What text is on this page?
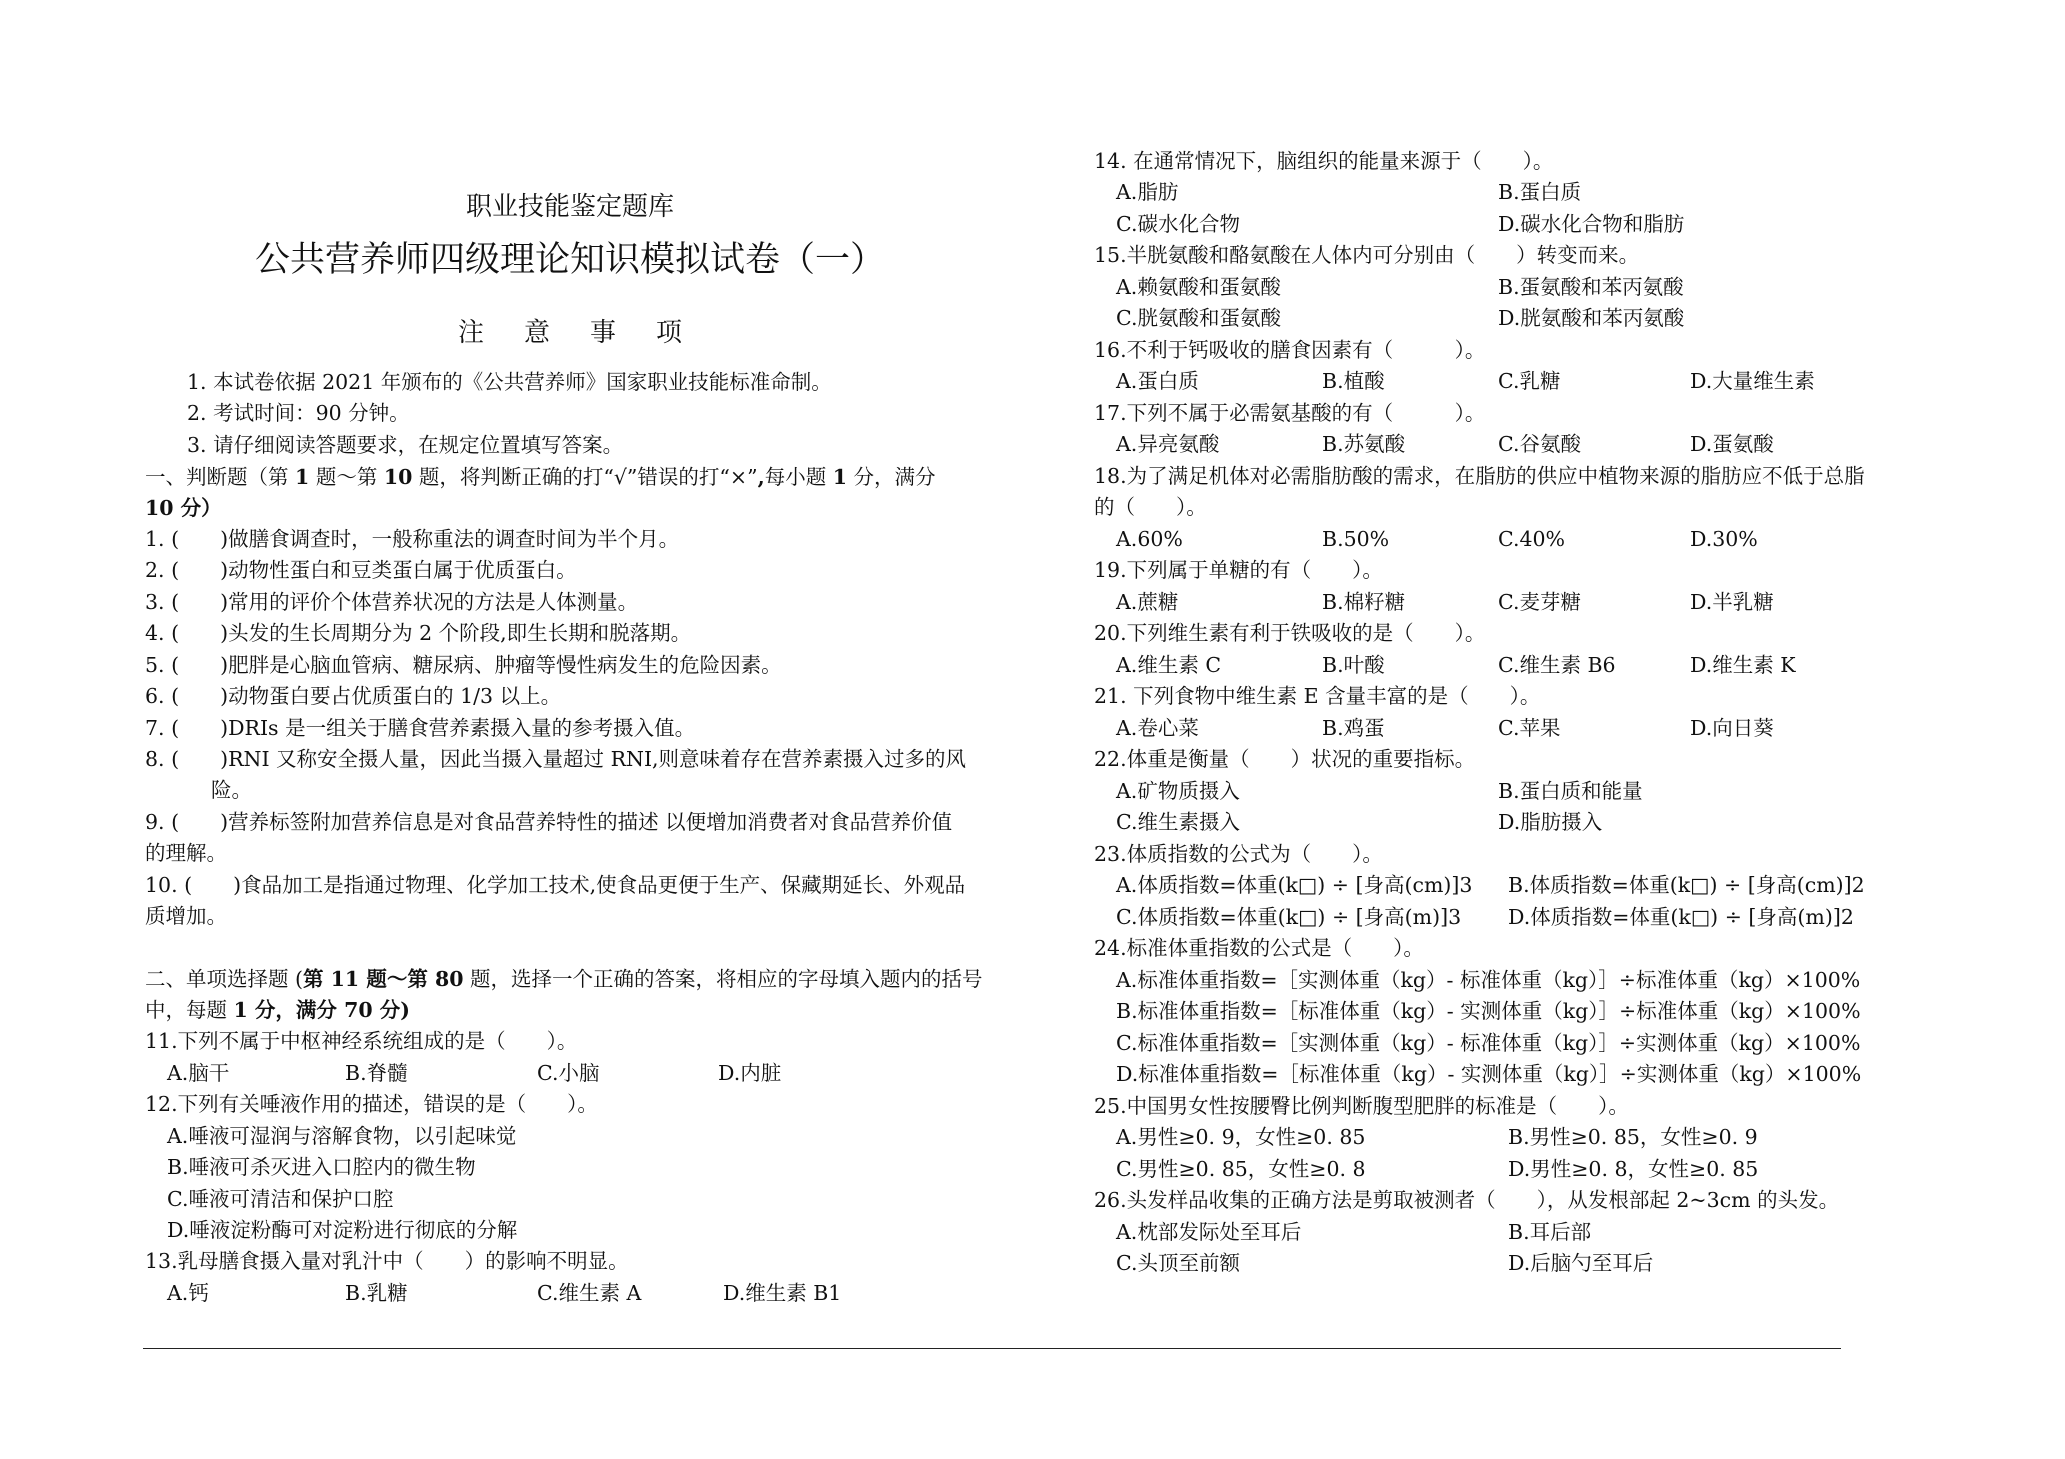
职业技能鉴定题库
公共营养师四级理论知识模拟试卷（一）
注意事项
1. 本试卷依据 2021 年颁布的《公共营养师》国家职业技能标准命制。
2. 考试时间：90 分钟。
3. 请仔细阅读答题要求，在规定位置填写答案。
一、判断题（第 1 题～第 10 题，将判断正确的打“√”错误的打“×”,每小题 1 分，满分
10 分）
1. (　　)做膳食调查时，一般称重法的调查时间为半个月。
2. (　　)动物性蛋白和豆类蛋白属于优质蛋白。
3. (　　)常用的评价个体营养状况的方法是人体测量。
4. (　　)头发的生长周期分为 2 个阶段,即生长期和脱落期。
5. (　　)肥胖是心脑血管病、糖尿病、肿瘤等慢性病发生的危险因素。
6. (　　)动物蛋白要占优质蛋白的 1/3 以上。
7. (　　)DRIs 是一组关于膳食营养素摄入量的参考摄入值。
8. (　　)RNI 又称安全摄人量，因此当摄入量超过 RNI,则意味着存在营养素摄入过多的风
险。
9. (　　)营养标签附加营养信息是对食品营养特性的描述 以便增加消费者对食品营养价值
的理解。
10. (　　)食品加工是指通过物理、化学加工技术,使食品更便于生产、保藏期延长、外观品
质增加。
二、单项选择题 (第 11 题～第 80 题，选择一个正确的答案，将相应的字母填入题内的括号
中，每题 1 分，满分 70 分)
11.下列不属于中枢神经系统组成的是（　　）。
A.脑干	B.脊髓	C.小脑	D.内脏
12.下列有关唾液作用的描述，错误的是（　　）。
A.唾液可湿润与溶解食物，以引起味觉
B.唾液可杀灭进入口腔内的微生物
C.唾液可清洁和保护口腔
D.唾液淀粉酶可对淀粉进行彻底的分解
13.乳母膳食摄入量对乳汁中（　　）的影响不明显。
A.钙	B.乳糖	C.维生素 A	D.维生素 B1
14. 在通常情况下，脑组织的能量来源于（　　）。
A.脂肪	B.蛋白质
C.碳水化合物	D.碳水化合物和脂肪
15.半胱氨酸和酪氨酸在人体内可分别由（　　）转变而来。
A.赖氨酸和蛋氨酸	B.蛋氨酸和苯丙氨酸
C.胱氨酸和蛋氨酸	D.胱氨酸和苯丙氨酸
16.不利于钙吸收的膳食因素有（　　　）。
A.蛋白质	B.植酸	C.乳糖	D.大量维生素
17.下列不属于必需氨基酸的有（　　　）。
A.异亮氨酸	B.苏氨酸	C.谷氨酸	D.蛋氨酸
18.为了满足机体对必需脂肪酸的需求，在脂肪的供应中植物来源的脂肪应不低于总脂
的（　　）。
A.60%	B.50%	C.40%	D.30%
19.下列属于单糖的有（　　）。
A.蔗糖	B.棉籽糖	C.麦芽糖	D.半乳糖
20.下列维生素有利于铁吸收的是（　　）。
A.维生素 C	B.叶酸	C.维生素 B6	D.维生素 K
21. 下列食物中维生素 E 含量丰富的是（　　）。
A.卷心菜	B.鸡蛋	C.苹果	D.向日葵
22.体重是衡量（　　）状况的重要指标。
A.矿物质摄入	B.蛋白质和能量
C.维生素摄入	D.脂肪摄入
23.体质指数的公式为（　　）。
A.体质指数=体重(k□) ÷ [身高(cm)]3 B.体质指数=体重(k□) ÷ [身高(cm)]2
C.体质指数=体重(k□) ÷ [身高(m)]3 D.体质指数=体重(k□) ÷ [身高(m)]2
24.标准体重指数的公式是（　　）。
A.标准体重指数=［实测体重（kg）- 标准体重（kg）］÷标准体重（kg）×100%
B.标准体重指数=［标准体重（kg）- 实测体重（kg）］÷标准体重（kg）×100%
C.标准体重指数=［实测体重（kg）- 标准体重（kg）］÷实测体重（kg）×100%
D.标准体重指数=［标准体重（kg）- 实测体重（kg）］÷实测体重（kg）×100%
25.中国男女性按腰臀比例判断腹型肥胖的标准是（　　）。
A.男性≥0. 9，女性≥0. 85	B.男性≥0. 85，女性≥0. 9
C.男性≥0. 85，女性≥0. 8	D.男性≥0. 8，女性≥0. 85
26.头发样品收集的正确方法是剪取被测者（　　），从发根部起 2~3cm 的头发。
A.枕部发际处至耳后	B.耳后部
C.头顶至前额	D.后脑勺至耳后
